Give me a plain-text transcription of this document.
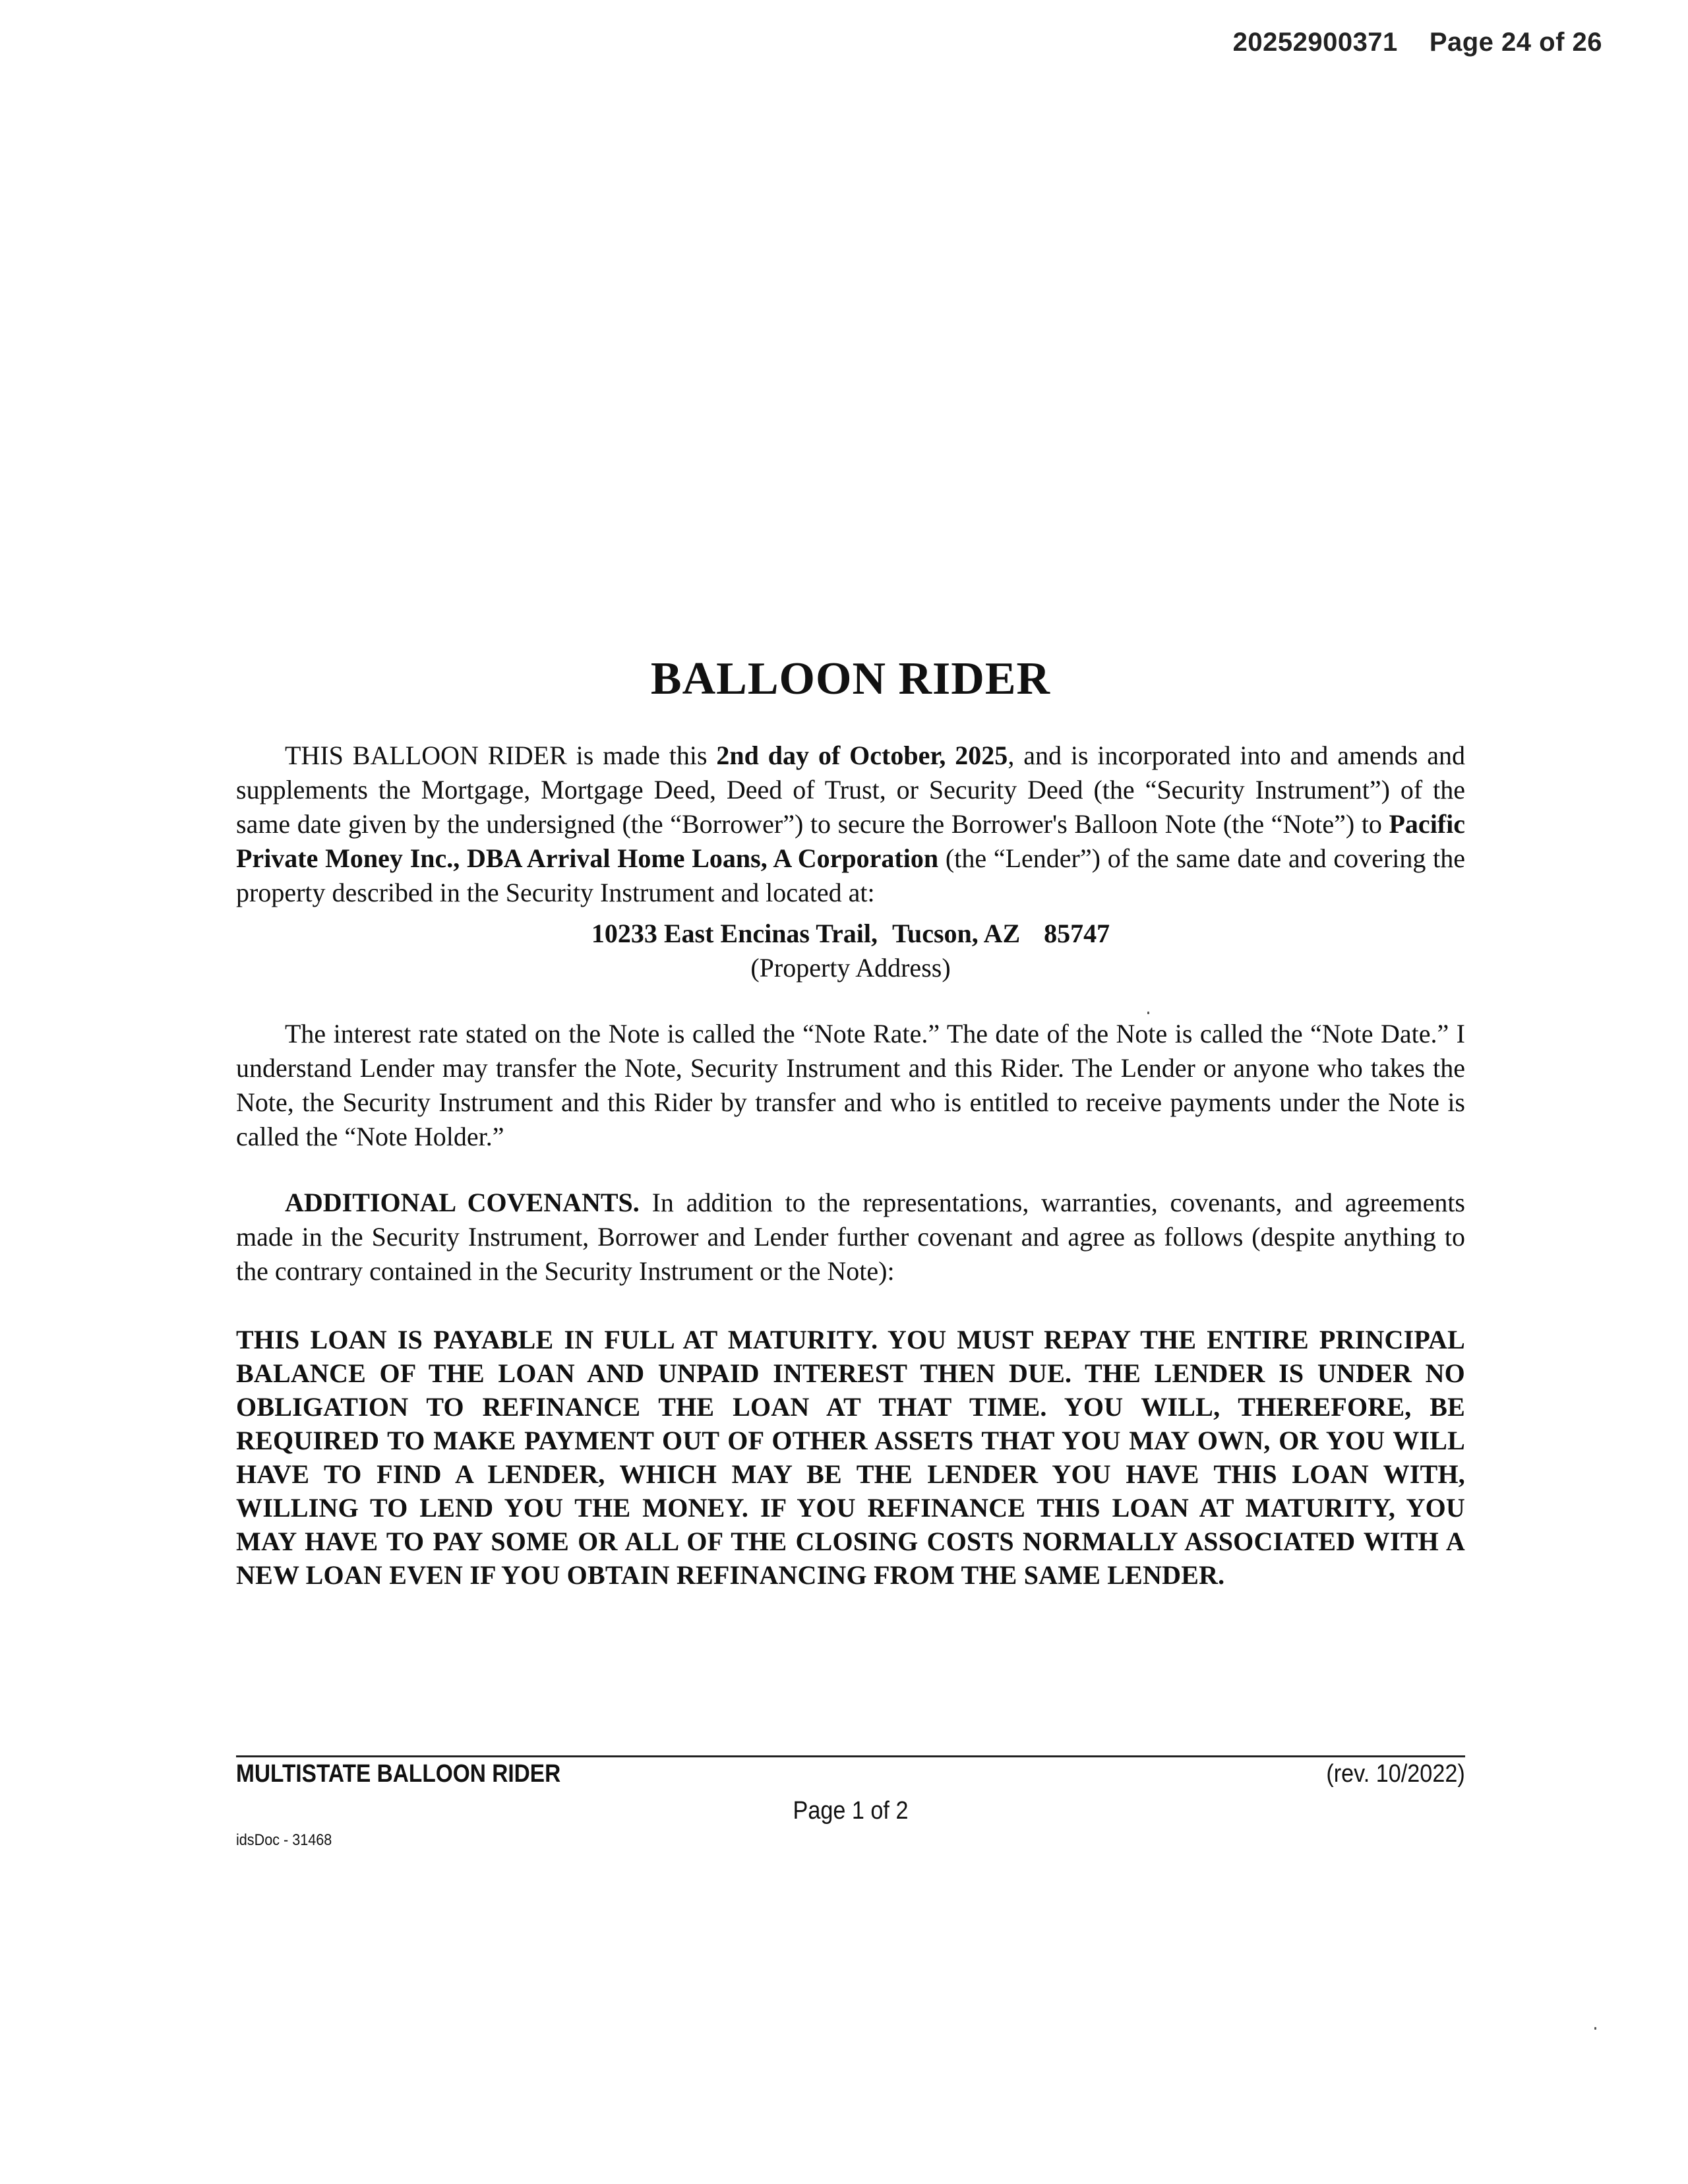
20252900371 Page 24 of 26
BALLOON RIDER

THIS BALLOON RIDER is made this 2nd day of October, 2025, and is incorporated into and amends and supplements the Mortgage, Mortgage Deed, Deed of Trust, or Security Deed (the “Security Instrument”) of the same date given by the undersigned (the “Borrower”) to secure the Borrower's Balloon Note (the “Note”) to Pacific Private Money Inc., DBA Arrival Home Loans, A Corporation (the “Lender”) of the same date and covering the property described in the Security Instrument and located at:

10233 East Encinas Trail, Tucson, AZ 85747
(Property Address)

The interest rate stated on the Note is called the “Note Rate.” The date of the Note is called the “Note Date.” I understand Lender may transfer the Note, Security Instrument and this Rider. The Lender or anyone who takes the Note, the Security Instrument and this Rider by transfer and who is entitled to receive payments under the Note is called the “Note Holder.”

ADDITIONAL COVENANTS. In addition to the representations, warranties, covenants, and agreements made in the Security Instrument, Borrower and Lender further covenant and agree as follows (despite anything to the contrary contained in the Security Instrument or the Note):

THIS LOAN IS PAYABLE IN FULL AT MATURITY. YOU MUST REPAY THE ENTIRE PRINCIPAL BALANCE OF THE LOAN AND UNPAID INTEREST THEN DUE. THE LENDER IS UNDER NO OBLIGATION TO REFINANCE THE LOAN AT THAT TIME. YOU WILL, THEREFORE, BE REQUIRED TO MAKE PAYMENT OUT OF OTHER ASSETS THAT YOU MAY OWN, OR YOU WILL HAVE TO FIND A LENDER, WHICH MAY BE THE LENDER YOU HAVE THIS LOAN WITH, WILLING TO LEND YOU THE MONEY. IF YOU REFINANCE THIS LOAN AT MATURITY, YOU MAY HAVE TO PAY SOME OR ALL OF THE CLOSING COSTS NORMALLY ASSOCIATED WITH A NEW LOAN EVEN IF YOU OBTAIN REFINANCING FROM THE SAME LENDER.

MULTISTATE BALLOON RIDER	(rev. 10/2022)
Page 1 of 2
idsDoc - 31468
